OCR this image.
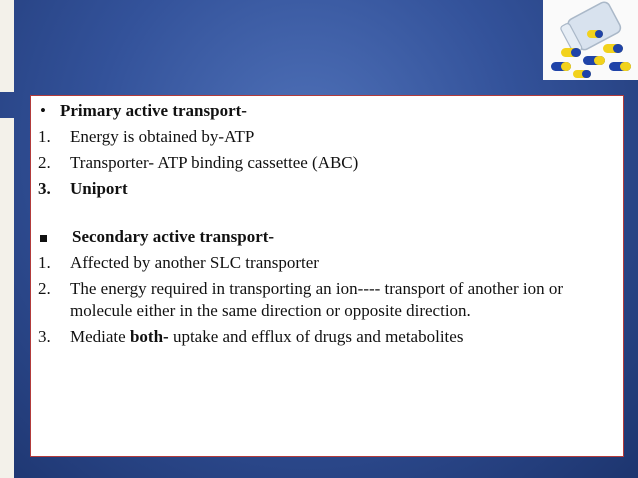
• Primary active transport-
1.	Energy is obtained by-ATP
2.	Transporter- ATP binding cassettee (ABC)
3.	Uniport
Secondary active transport-
1.	Affected by another SLC transporter
2.	The energy required in transporting an ion---- transport of another ion or molecule either in the same direction or opposite direction.
3.	Mediate both- uptake and efflux of drugs and metabolites
